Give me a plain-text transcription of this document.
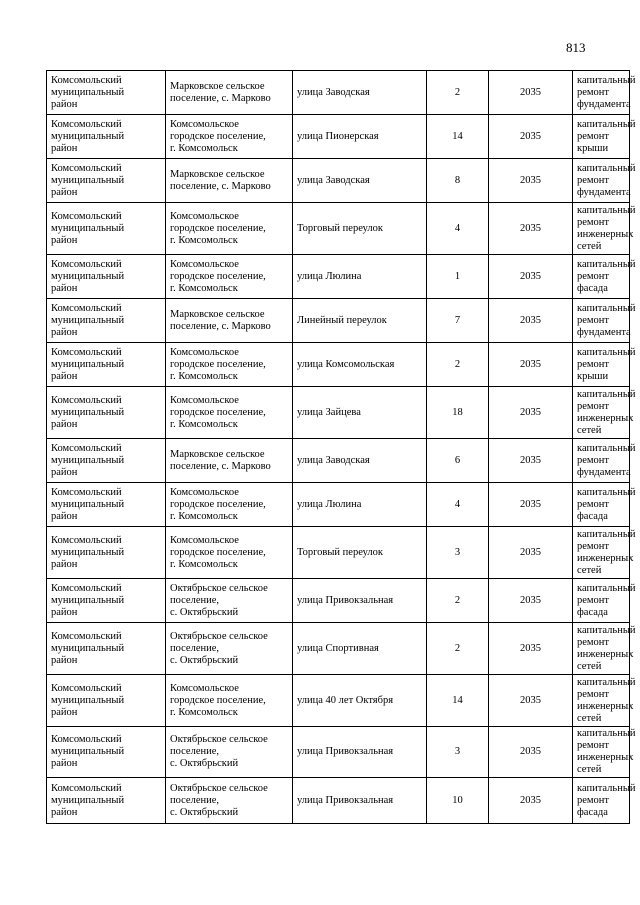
813
Комсомольский
муниципальный
район	Марковское сельское
поселение, с. Марково	улица Заводская	2	2035	капитальный
ремонт
фундамента

Комсомольский
муниципальный
район	Комсомольское
городское поселение,
г. Комсомольск	улица Пионерская	14	2035	капитальный
ремонт крыши

Комсомольский
муниципальный
район	Марковское сельское
поселение, с. Марково	улица Заводская	8	2035	капитальный
ремонт
фундамента

Комсомольский
муниципальный
район	Комсомольское
городское поселение,
г. Комсомольск	Торговый переулок	4	2035	капитальный
ремонт
инженерных
сетей

Комсомольский
муниципальный
район	Комсомольское
городское поселение,
г. Комсомольск	улица Люлина	1	2035	капитальный
ремонт фасада

Комсомольский
муниципальный
район	Марковское сельское
поселение, с. Марково	Линейный переулок	7	2035	капитальный
ремонт
фундамента

Комсомольский
муниципальный
район	Комсомольское
городское поселение,
г. Комсомольск	улица Комсомольская	2	2035	капитальный
ремонт крыши

Комсомольский
муниципальный
район	Комсомольское
городское поселение,
г. Комсомольск	улица Зайцева	18	2035	капитальный
ремонт
инженерных
сетей

Комсомольский
муниципальный
район	Марковское сельское
поселение, с. Марково	улица Заводская	6	2035	капитальный
ремонт
фундамента

Комсомольский
муниципальный
район	Комсомольское
городское поселение,
г. Комсомольск	улица Люлина	4	2035	капитальный
ремонт фасада

Комсомольский
муниципальный
район	Комсомольское
городское поселение,
г. Комсомольск	Торговый переулок	3	2035	капитальный
ремонт
инженерных
сетей

Комсомольский
муниципальный
район	Октябрьское сельское
поселение,
с. Октябрьский	улица Привокзальная	2	2035	капитальный
ремонт фасада

Комсомольский
муниципальный
район	Октябрьское сельское
поселение,
с. Октябрьский	улица Спортивная	2	2035	капитальный
ремонт
инженерных
сетей

Комсомольский
муниципальный
район	Комсомольское
городское поселение,
г. Комсомольск	улица 40 лет Октября	14	2035	капитальный
ремонт
инженерных
сетей

Комсомольский
муниципальный
район	Октябрьское сельское
поселение,
с. Октябрьский	улица Привокзальная	3	2035	капитальный
ремонт
инженерных
сетей

Комсомольский
муниципальный
район	Октябрьское сельское
поселение,
с. Октябрьский	улица Привокзальная	10	2035	капитальный
ремонт фасада
